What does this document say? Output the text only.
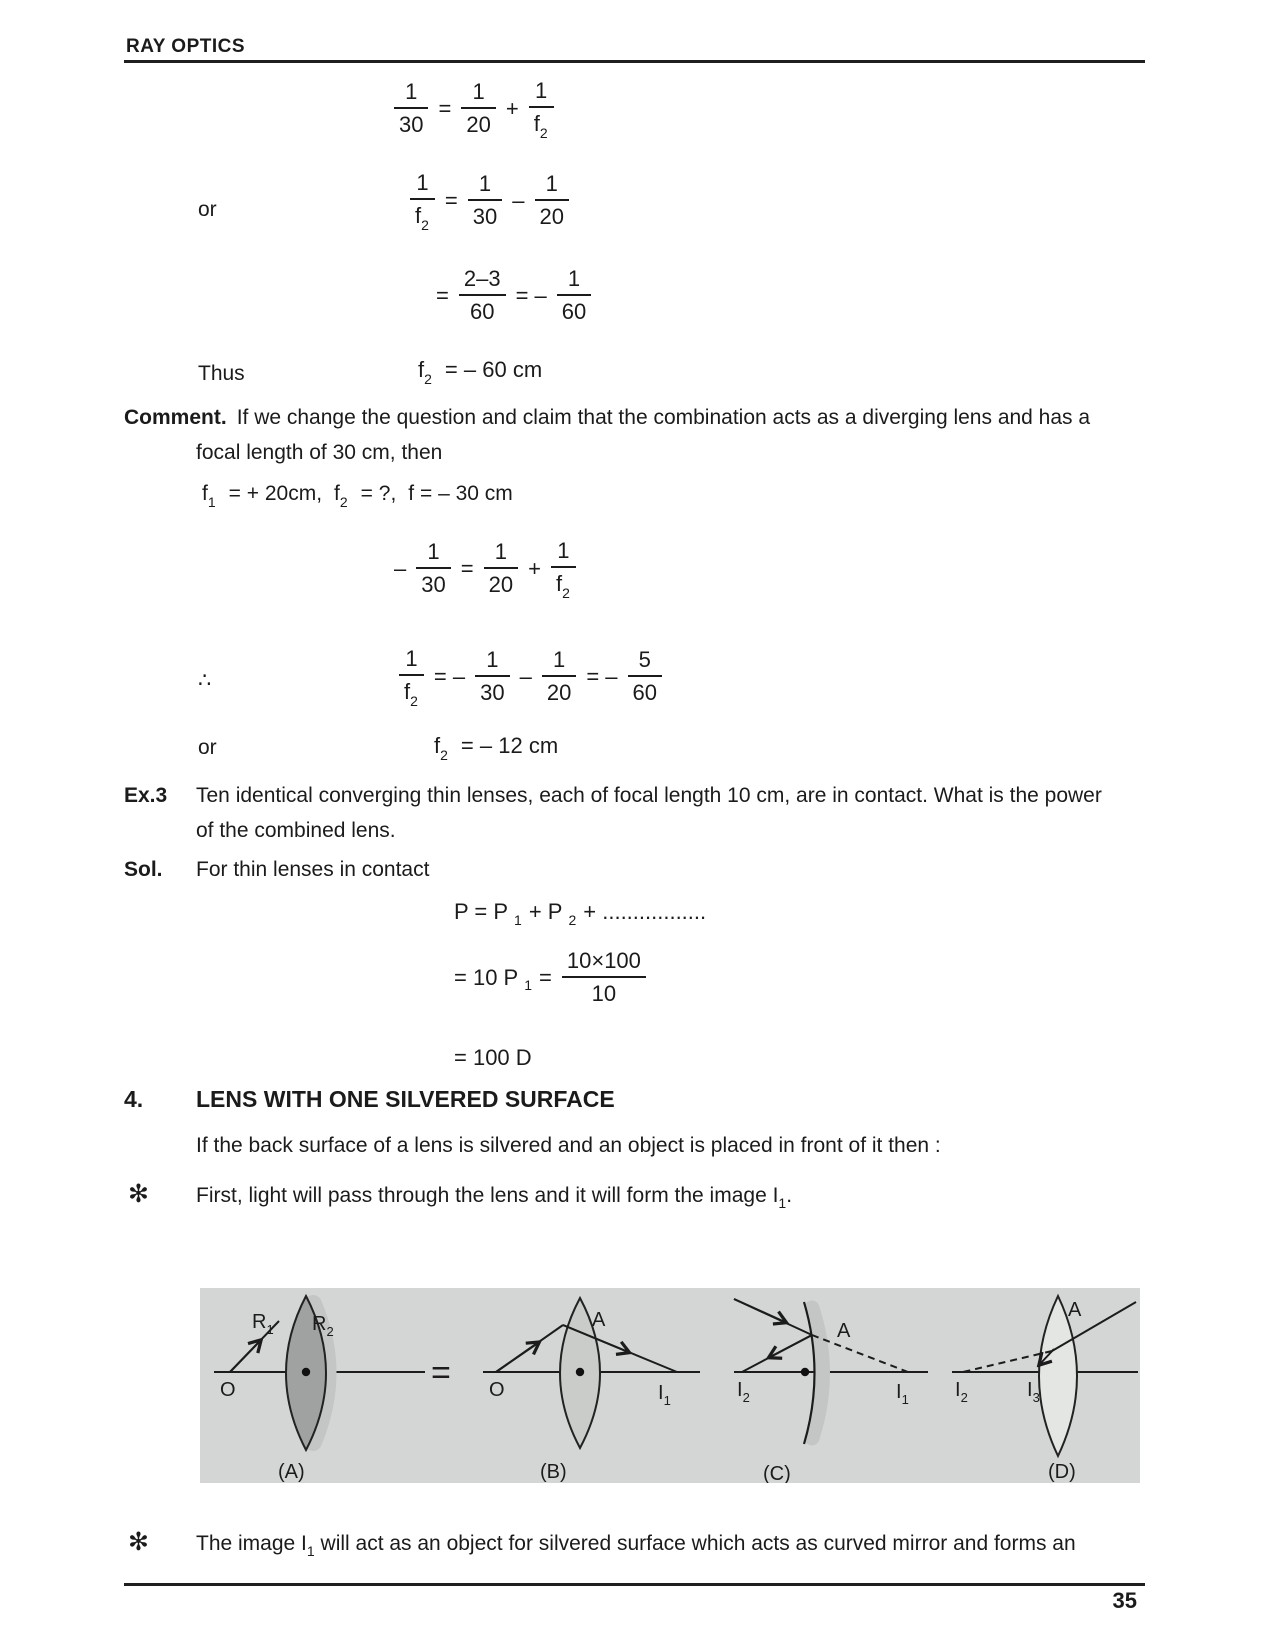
RAY OPTICS
$\frac{1}{30} = \frac{1}{20} + \frac{1}{f2}$
or	$\frac{1}{f2} = \frac{1}{30} - \frac{1}{20}$
= $\frac{2-3}{60}$ = – $\frac{1}{60}$
Thus	f2 = – 60 cm
Comment. If we change the question and claim that the combination acts as a diverging lens and has a focal length of 30 cm, then
f1 = + 20cm, f2 = ?, f = – 30 cm
– $\frac{1}{30} = \frac{1}{20} + \frac{1}{f2}$
∴	$\frac{1}{f2}$ = – $\frac{1}{30} - \frac{1}{20}$ = – $\frac{5}{60}$
or	f2 = – 12 cm
Ex.3 Ten identical converging thin lenses, each of focal length 10 cm, are in contact. What is the power of the combined lens.
Sol. For thin lenses in contact
P = P 1 + P 2 + .................
= 10 P $1 = \frac{10\times 100}{10}$
= 100 D
4. LENS WITH ONE SILVERED SURFACE
If the back surface of a lens is silvered and an object is placed in front of it then :
✻ First, light will pass through the lens and it will form the image $I_1$.
O
$R_1$ $R_2$
(A)
= O
A
$I_1$
(B)
A
$I_2$	$I_1$
(C)
A
$I_2$	$I_3$
(D)
✻ The image $I_1$ will act as an object for silvered surface which acts as curved mirror and forms an
35
